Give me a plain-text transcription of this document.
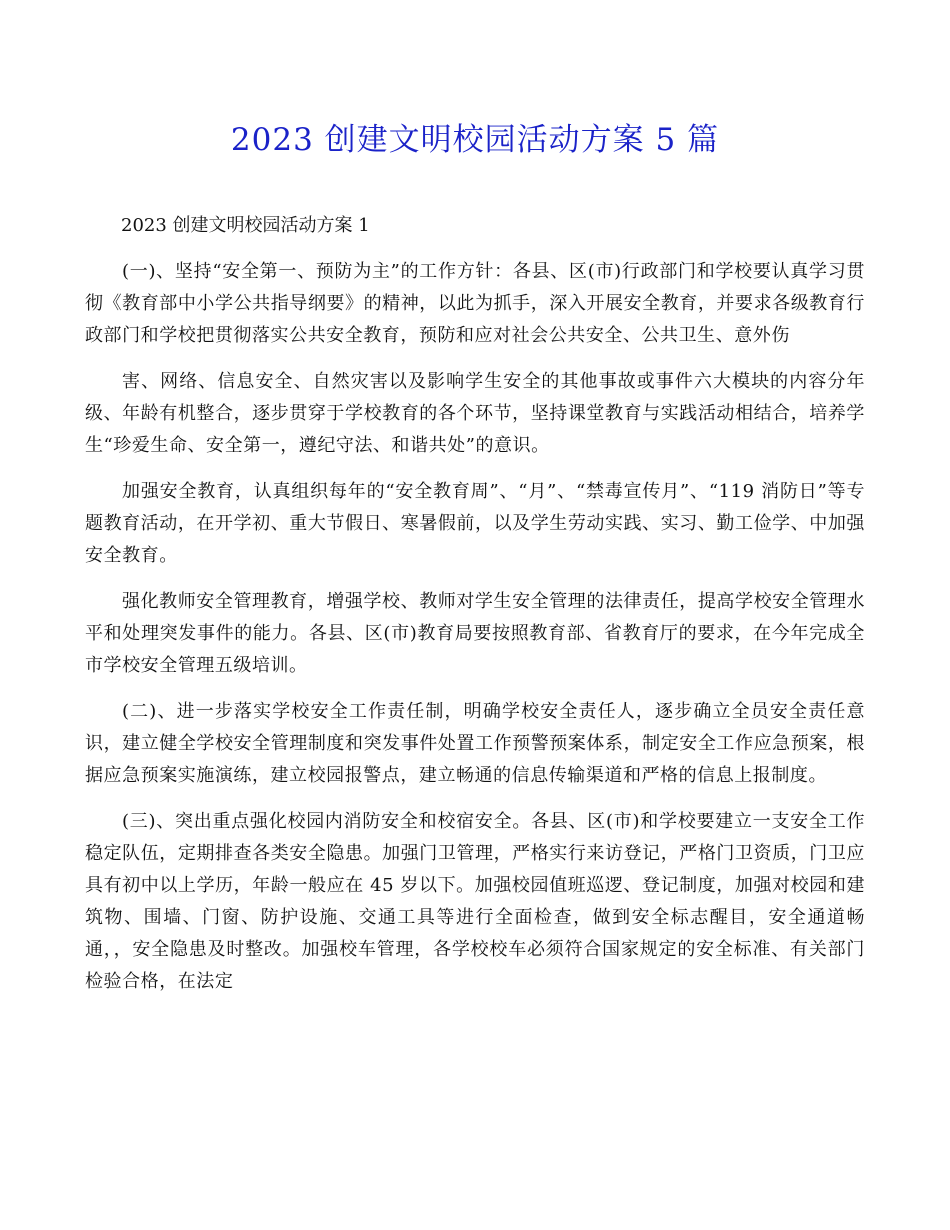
2023 创建文明校园活动方案 5 篇

2023 创建文明校园活动方案 1

(一)、坚持“安全第一、预防为主”的工作方针：各县、区(市)行政部门和学校要认真学习贯彻《教育部中小学公共指导纲要》的精神，以此为抓手，深入开展安全教育，并要求各级教育行政部门和学校把贯彻落实公共安全教育，预防和应对社会公共安全、公共卫生、意外伤

害、网络、信息安全、自然灾害以及影响学生安全的其他事故或事件六大模块的内容分年级、年龄有机整合，逐步贯穿于学校教育的各个环节，坚持课堂教育与实践活动相结合，培养学生“珍爱生命、安全第一，遵纪守法、和谐共处”的意识。

加强安全教育，认真组织每年的“安全教育周”、“月”、“禁毒宣传月”、“119 消防日”等专题教育活动，在开学初、重大节假日、寒暑假前，以及学生劳动实践、实习、勤工俭学、中加强安全教育。

强化教师安全管理教育，增强学校、教师对学生安全管理的法律责任，提高学校安全管理水平和处理突发事件的能力。各县、区(市)教育局要按照教育部、省教育厅的要求，在今年完成全市学校安全管理五级培训。

(二)、进一步落实学校安全工作责任制，明确学校安全责任人，逐步确立全员安全责任意识，建立健全学校安全管理制度和突发事件处置工作预警预案体系，制定安全工作应急预案，根据应急预案实施演练，建立校园报警点，建立畅通的信息传输渠道和严格的信息上报制度。

(三)、突出重点强化校园内消防安全和校宿安全。各县、区(市)和学校要建立一支安全工作稳定队伍，定期排查各类安全隐患。加强门卫管理，严格实行来访登记，严格门卫资质，门卫应具有初中以上学历，年龄一般应在 45 岁以下。加强校园值班巡逻、登记制度，加强对校园和建筑物、围墙、门窗、防护设施、交通工具等进行全面检查，做到安全标志醒目，安全通道畅通，，安全隐患及时整改。加强校车管理，各学校校车必须符合国家规定的安全标准、有关部门检验合格，在法定
